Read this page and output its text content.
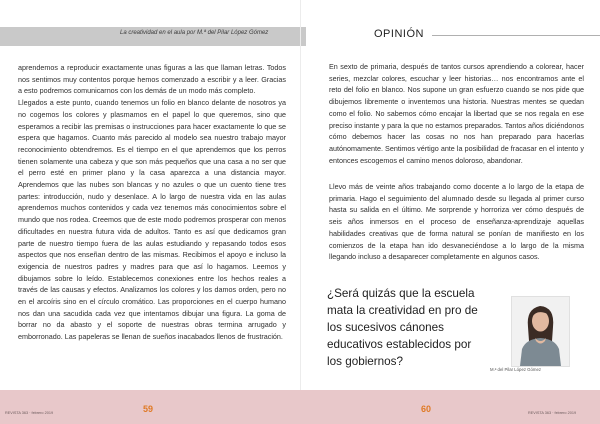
La creatividad en el aula por M.ª del Pilar López Gómez	OPINIÓN

aprendemos a reproducir exactamente unas figuras a las que llaman letras. Todos nos sentimos muy contentos porque hemos comenzado a escribir y a leer. Gracias a esto podremos comunicarnos con los demás de un modo más completo.

Llegados a este punto, cuando tenemos un folio en blanco delante de nosotros ya no cogemos los colores y plasmamos en el papel lo que queremos, sino que esperamos a recibir las premisas o instrucciones para hacer exactamente lo que se espera que hagamos. Cuanto más parecido al modelo sea nuestro trabajo mayor reconocimiento obtendremos. Es el tiempo en el que aprendemos que los perros tienen solamente una cabeza y que son más pequeños que una casa a no ser que el perro esté en primer plano y la casa aparezca a una distancia mayor. Aprendemos que las nubes son blancas y no azules o que un cuento tiene tres partes: introducción, nudo y desenlace. A lo largo de nuestra vida en las aulas aprendemos muchos contenidos y cada vez tenemos más conocimientos sobre el mundo que nos rodea. Creemos que de este modo podremos prosperar con menos dificultades en nuestra futura vida de adultos. Tanto es así que dedicamos gran parte de nuestro tiempo fuera de las aulas estudiando y repasando todos esos aspectos que nos enseñan dentro de las mismas. Recibimos el apoyo e incluso la exigencia de nuestros padres y madres para que así lo hagamos. Leemos y dibujamos sobre lo leído. Establecemos conexiones entre los hechos reales a través de las causas y efectos. Analizamos los colores y los damos orden, pero no en el arcoíris sino en el círculo cromático. Las proporciones en el cuerpo humano nos dan una sacudida cada vez que intentamos dibujar una figura. La goma de borrar no da abasto y el soporte de nuestras obras termina arrugado y emborronado. Las papeleras se llenan de sueños inacabados llenos de frustración.

En sexto de primaria, después de tantos cursos aprendiendo a colorear, hacer series, mezclar colores, escuchar y leer historias… nos encontramos ante el reto del folio en blanco. Nos supone un gran esfuerzo cuando se nos pide que dibujemos libremente o inventemos una historia. Nuestras mentes se quedan como el folio. No sabemos cómo encajar la libertad que se nos regala en ese preciso instante y para la que no estamos preparados. Tantos años diciéndonos cómo debemos hacer las cosas no nos han preparado para hacerlas autónomamente. Sentimos vértigo ante la posibilidad de fracasar en el intento y entonces escogemos el camino menos doloroso, abandonar.

Llevo más de veinte años trabajando como docente a lo largo de la etapa de primaria. Hago el seguimiento del alumnado desde su llegada al primer curso hasta su salida en el último. Me sorprende y horroriza ver cómo después de seis años inmersos en el proceso de enseñanza-aprendizaje aquellas habilidades creativas que de forma natural se ponían de manifiesto en los comienzos de la etapa han ido desvaneciéndose a lo largo de la misma llegando incluso a desaparecer completamente en algunos casos.

¿Será quizás que la escuela mata la creatividad en pro de los sucesivos cánones educativos establecidos por los gobiernos?

M.ª del Pilar López Gómez
REVISTA 363 · febrero 2019	59	60	REVISTA 363 · febrero 2019
